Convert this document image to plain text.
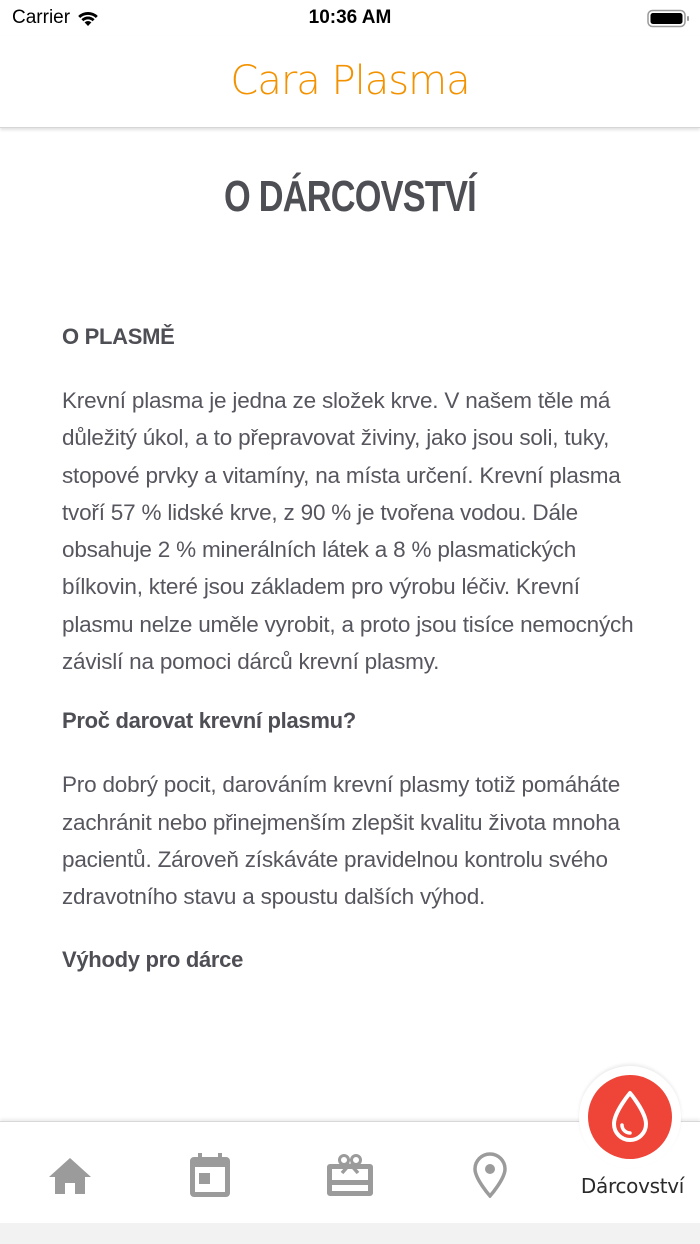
Carrier	10:36 AM
Cara Plasma
O DÁRCOVSTVÍ
O PLASMĚ

Krevní plasma je jedna ze složek krve. V našem těle má důležitý úkol, a to přepravovat živiny, jako jsou soli, tuky, stopové prvky a vitamíny, na místa určení. Krevní plasma tvoří 57 % lidské krve, z 90 % je tvořena vodou. Dále obsahuje 2 % minerálních látek a 8 % plasmatických bílkovin, které jsou základem pro výrobu léčiv. Krevní plasmu nelze uměle vyrobit, a proto jsou tisíce nemocných závislí na pomoci dárců krevní plasmy.

Proč darovat krevní plasmu?

Pro dobrý pocit, darováním krevní plasmy totiž pomáháte zachránit nebo přinejmenším zlepšit kvalitu života mnoha pacientů. Zároveň získáváte pravidelnou kontrolu svého zdravotního stavu a spoustu dalších výhod.

Výhody pro dárce
Dárcovství
